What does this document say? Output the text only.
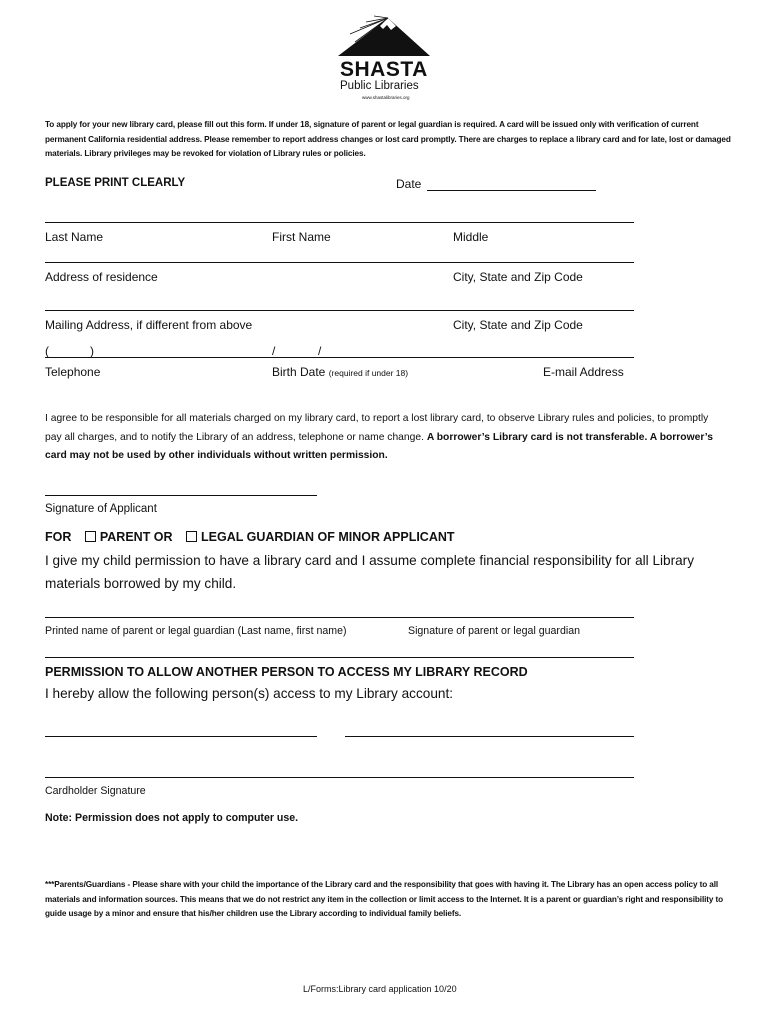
SHASTA
Public Libraries
www.shastalibraries.org
To apply for your new library card, please fill out this form. If under 18, signature of parent or legal guardian is required. A card will be issued only with verification of current permanent California residential address. Please remember to report address changes or lost card promptly. There are charges to replace a library card and for late, lost or damaged materials. Library privileges may be revoked for violation of Library rules or policies.
PLEASE PRINT CLEARLY	Date
Last Name	First Name	Middle
Address of residence	City, State and Zip Code
Mailing Address, if different from above	City, State and Zip Code
(	)	/	/
Telephone	Birth Date (required if under 18)	E-mail Address
I agree to be responsible for all materials charged on my library card, to report a lost library card, to observe Library rules and policies, to promptly pay all charges, and to notify the Library of an address, telephone or name change. A borrower’s Library card is not transferable. A borrower’s card may not be used by other individuals without written permission.
Signature of Applicant
FOR PARENT OR LEGAL GUARDIAN OF MINOR APPLICANT
I give my child permission to have a library card and I assume complete financial responsibility for all Library materials borrowed by my child.
Printed name of parent or legal guardian (Last name, first name)	Signature of parent or legal guardian
PERMISSION TO ALLOW ANOTHER PERSON TO ACCESS MY LIBRARY RECORD
I hereby allow the following person(s) access to my Library account:
Cardholder Signature
Note: Permission does not apply to computer use.
***Parents/Guardians - Please share with your child the importance of the Library card and the responsibility that goes with having it. The Library has an open access policy to all materials and information sources. This means that we do not restrict any item in the collection or limit access to the Internet. It is a parent or guardian’s right and responsibility to guide usage by a minor and ensure that his/her children use the Library according to individual family beliefs.
L/Forms:Library card application 10/20
